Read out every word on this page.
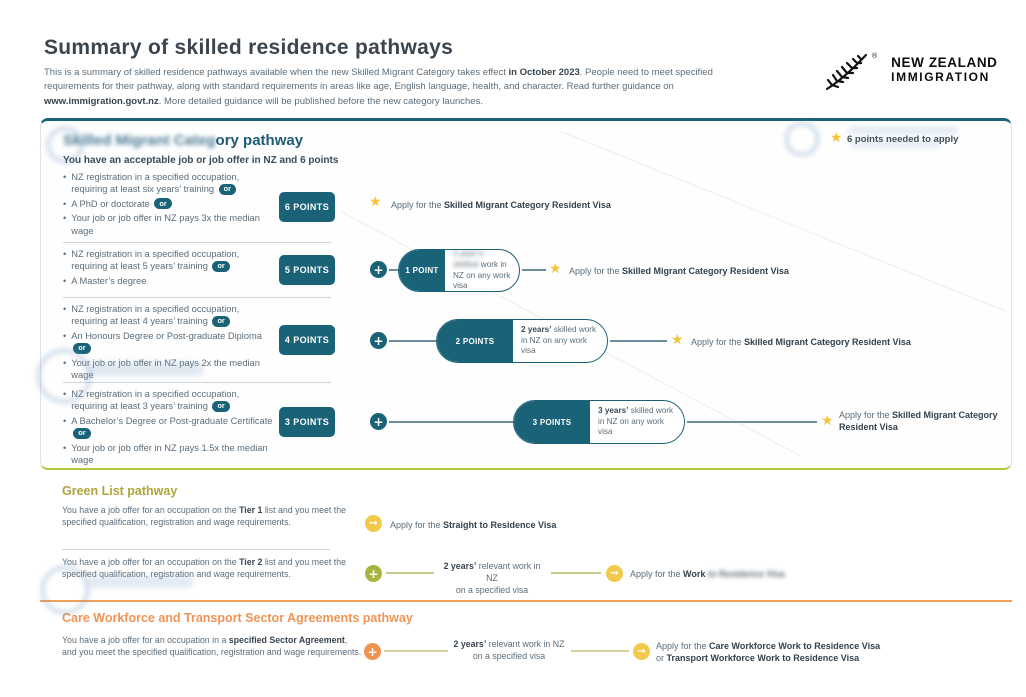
Summary of skilled residence pathways

This is a summary of skilled residence pathways available when the new Skilled Migrant Category takes effect in October 2023. People need to meet specified requirements for their pathway, along with standard requirements in areas like age, English language, health, and character. Read further guidance on www.immigration.govt.nz. More detailed guidance will be published before the new category launches.

® NEW ZEALAND
IMMIGRATION
Skilled Migrant Category pathway
You have an acceptable job or job offer in NZ and 6 points
★ 6 points needed to apply
• NZ registration in a specified occupation, requiring at least six years’ training or
• A PhD or doctorate or
• Your job or job offer in NZ pays 3x the median wage
• NZ registration in a specified occupation, requiring at least 5 years’ training or
• A Master’s degree
• NZ registration in a specified occupation, requiring at least 4 years’ training or
• An Honours Degree or Post-graduate Diploma or
• Your job or job offer in NZ pays 2x the median wage
• NZ registration in a specified occupation, requiring at least 3 years’ training or
• A Bachelor’s Degree or Post-graduate Certificate or
• Your job or job offer in NZ pays 1.5x the median wage
6 POINTS
5 POINTS
4 POINTS
3 POINTS
★ Apply for the Skilled Migrant Category Resident Visa
+	1 POINT
1 year’s skilled work in NZ on any work visa
★ Apply for the Skilled Migrant Category Resident Visa
+	2 POINTS
2 years’ skilled work in NZ on any work visa
★ Apply for the Skilled Migrant Category Resident Visa
+	3 POINTS
3 years’ skilled work in NZ on any work visa
★ Apply for the Skilled Migrant Category Resident Visa
Green List pathway
You have a job offer for an occupation on the Tier 1 list and you meet the specified qualification, registration and wage requirements.	→	Apply for the Straight to Residence Visa
You have a job offer for an occupation on the Tier 2 list and you meet the specified qualification, registration and wage requirements.	+
2 years’ relevant work in NZ
on a specified visa
→	Apply for the Work to Residence Visa
Care Workforce and Transport Sector Agreements pathway
You have a job offer for an occupation in a specified Sector Agreement, and you meet the specified qualification, registration and wage requirements. +
2 years’ relevant work in NZ
on a specified visa	→	Apply for the Care Workforce Work to Residence Visa
or Transport Workforce Work to Residence Visa
